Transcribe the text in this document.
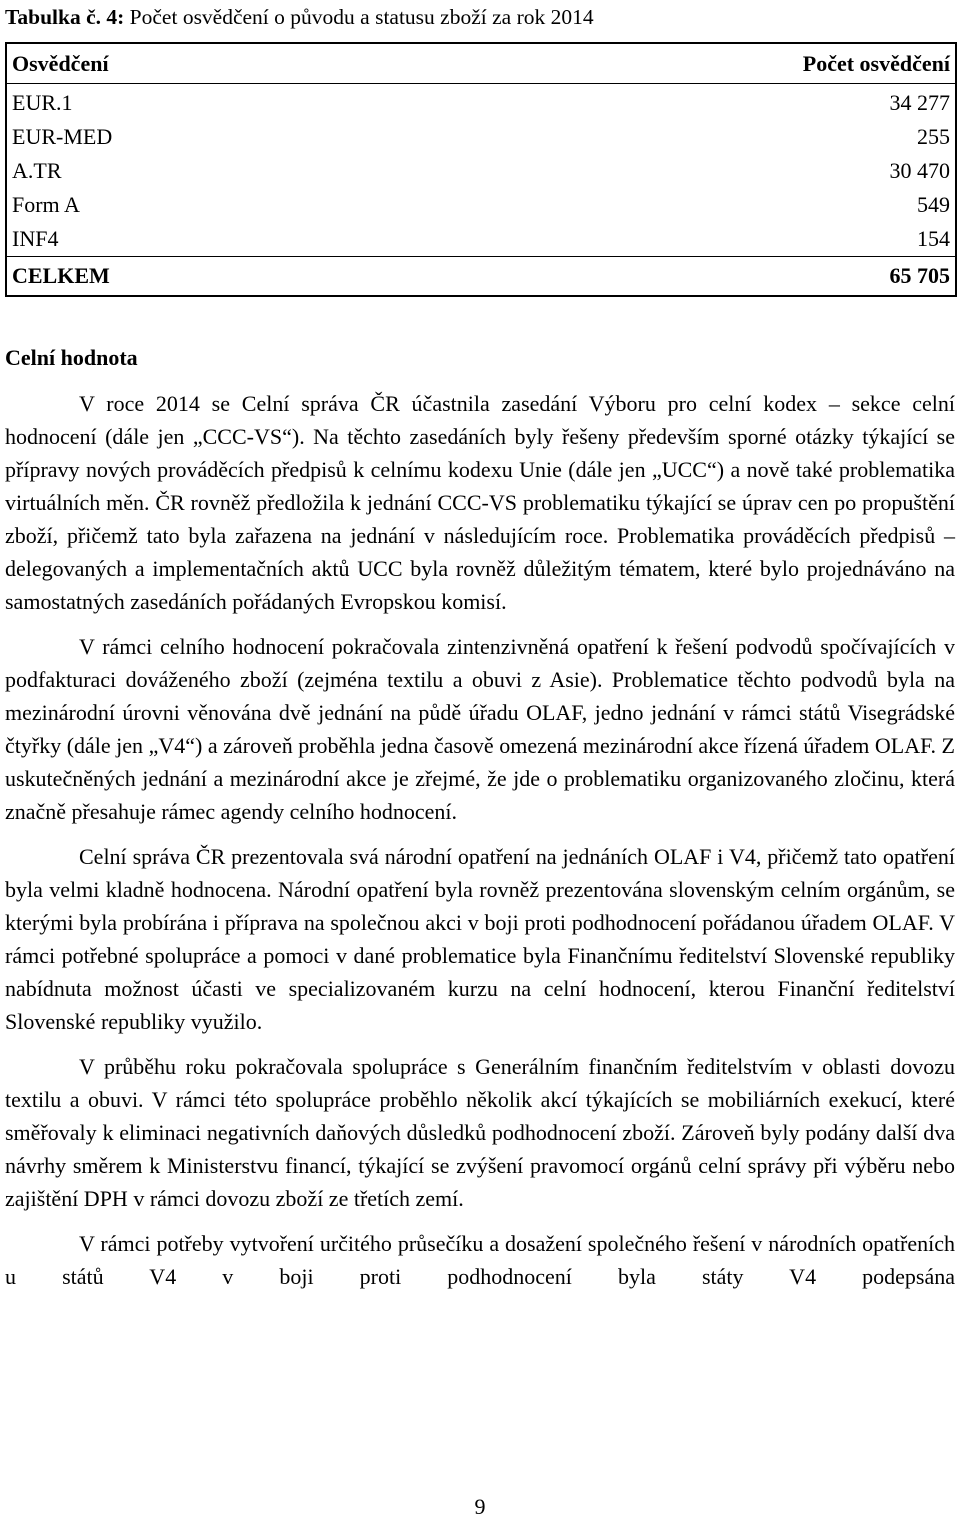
Tabulka č. 4: Počet osvědčení o původu a statusu zboží za rok 2014
Osvědčení	Počet osvědčení
EUR.1	34 277
EUR-MED	255
A.TR	30 470
Form A	549
INF4	154
CELKEM	65 705
Celní hodnota

V roce 2014 se Celní správa ČR účastnila zasedání Výboru pro celní kodex – sekce celní hodnocení (dále jen „CCC-VS“). Na těchto zasedáních byly řešeny především sporné otázky týkající se přípravy nových prováděcích předpisů k celnímu kodexu Unie (dále jen „UCC“) a nově také problematika virtuálních měn. ČR rovněž předložila k jednání CCC-VS problematiku týkající se úprav cen po propuštění zboží, přičemž tato byla zařazena na jednání v následujícím roce. Problematika prováděcích předpisů – delegovaných a implementačních aktů UCC byla rovněž důležitým tématem, které bylo projednáváno na samostatných zasedáních pořádaných Evropskou komisí.

V rámci celního hodnocení pokračovala zintenzivněná opatření k řešení podvodů spočívajících v podfakturaci dováženého zboží (zejména textilu a obuvi z Asie). Problematice těchto podvodů byla na mezinárodní úrovni věnována dvě jednání na půdě úřadu OLAF, jedno jednání v rámci států Visegrádské čtyřky (dále jen „V4“) a zároveň proběhla jedna časově omezená mezinárodní akce řízená úřadem OLAF. Z uskutečněných jednání a mezinárodní akce je zřejmé, že jde o problematiku organizovaného zločinu, která značně přesahuje rámec agendy celního hodnocení.

Celní správa ČR prezentovala svá národní opatření na jednáních OLAF i V4, přičemž tato opatření byla velmi kladně hodnocena. Národní opatření byla rovněž prezentována slovenským celním orgánům, se kterými byla probírána i příprava na společnou akci v boji proti podhodnocení pořádanou úřadem OLAF. V rámci potřebné spolupráce a pomoci v dané problematice byla Finančnímu ředitelství Slovenské republiky nabídnuta možnost účasti ve specializovaném kurzu na celní hodnocení, kterou Finanční ředitelství Slovenské republiky využilo.

V průběhu roku pokračovala spolupráce s Generálním finančním ředitelstvím v oblasti dovozu textilu a obuvi. V rámci této spolupráce proběhlo několik akcí týkajících se mobiliárních exekucí, které směřovaly k eliminaci negativních daňových důsledků podhodnocení zboží. Zároveň byly podány další dva návrhy směrem k Ministerstvu financí, týkající se zvýšení pravomocí orgánů celní správy při výběru nebo zajištění DPH v rámci dovozu zboží ze třetích zemí.

V rámci potřeby vytvoření určitého průsečíku a dosažení společného řešení v národních opatřeních u států V4 v boji proti podhodnocení byla státy V4 podepsána

9
